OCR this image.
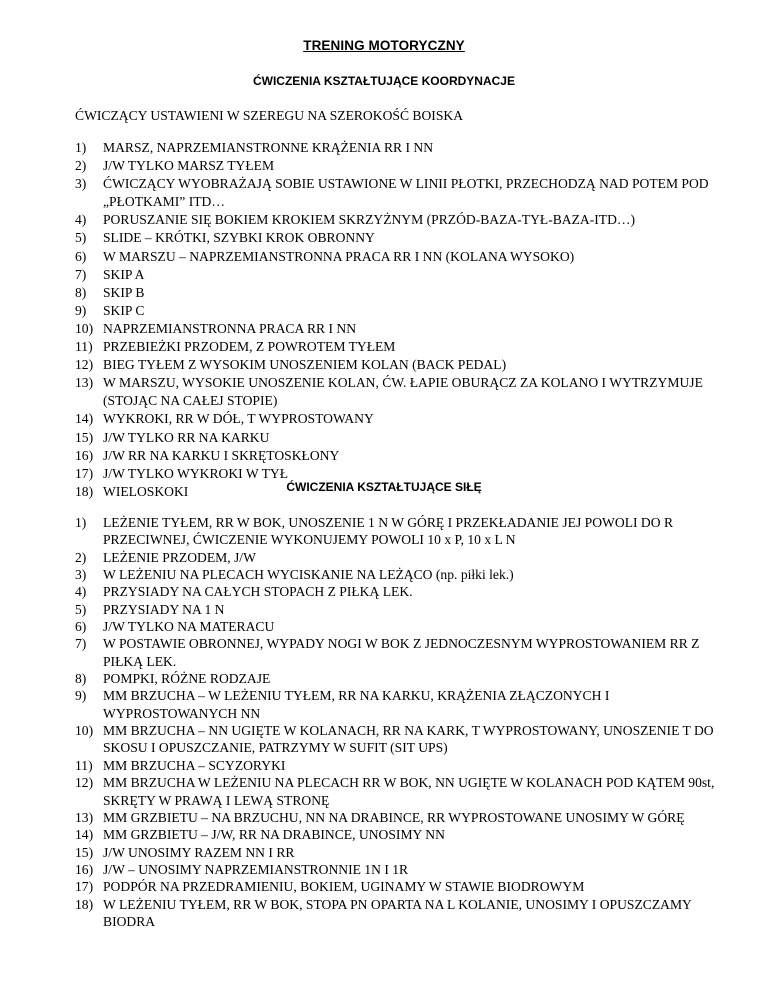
TRENING MOTORYCZNY
ĆWICZENIA KSZTAŁTUJĄCE KOORDYNACJE
ĆWICZĄCY USTAWIENI W SZEREGU NA SZEROKOŚĆ BOISKA
1) MARSZ, NAPRZEMIANSTRONNE KRĄŻENIA RR I NN
2) J/W TYLKO MARSZ TYŁEM
3) ĆWICZĄCY WYOBRAŻAJĄ SOBIE USTAWIONE W LINII PŁOTKI, PRZECHODZĄ NAD POTEM POD „PŁOTKAMI” ITD…
4) PORUSZANIE SIĘ BOKIEM KROKIEM SKRZYŻNYM (PRZÓD-BAZA-TYŁ-BAZA-ITD…)
5) SLIDE – KRÓTKI, SZYBKI KROK OBRONNY
6) W MARSZU – NAPRZEMIANSTRONNA PRACA RR I NN (KOLANA WYSOKO)
7) SKIP A
8) SKIP B
9) SKIP C
10) NAPRZEMIANSTRONNA PRACA RR I NN
11) PRZEBIEŻKI PRZODEM, Z POWROTEM TYŁEM
12) BIEG TYŁEM Z WYSOKIM UNOSZENIEM KOLAN (BACK PEDAL)
13) W MARSZU, WYSOKIE UNOSZENIE KOLAN, ĆW. ŁAPIE OBURĄCZ ZA KOLANO I WYTRZYMUJE (STOJĄC NA CAŁEJ STOPIE)
14) WYKROKI, RR W DÓŁ, T WYPROSTOWANY
15) J/W TYLKO RR NA KARKU
16) J/W RR NA KARKU I SKRĘTOSKŁONY
17) J/W TYLKO WYKROKI W TYŁ
18) WIELOSKOKI	ĆWICZENIA KSZTAŁTUJĄCE SIŁĘ
1) LEŻENIE TYŁEM, RR W BOK, UNOSZENIE 1 N W GÓRĘ I PRZEKŁADANIE JEJ POWOLI DO R PRZECIWNEJ, ĆWICZENIE WYKONUJEMY POWOLI 10 x P, 10 x L N
2) LEŻENIE PRZODEM, J/W
3) W LEŻENIU NA PLECACH WYCISKANIE NA LEŻĄCO (np. piłki lek.)
4) PRZYSIADY NA CAŁYCH STOPACH Z PIŁKĄ LEK.
5) PRZYSIADY NA 1 N
6) J/W TYLKO NA MATERACU
7) W POSTAWIE OBRONNEJ, WYPADY NOGI W BOK Z JEDNOCZESNYM WYPROSTOWANIEM RR Z PIŁKĄ LEK.
8) POMPKI, RÓŻNE RODZAJE
9) MM BRZUCHA – W LEŻENIU TYŁEM, RR NA KARKU, KRĄŻENIA ZŁĄCZONYCH I WYPROSTOWANYCH NN
10) MM BRZUCHA – NN UGIĘTE W KOLANACH, RR NA KARK, T WYPROSTOWANY, UNOSZENIE T DO SKOSU I OPUSZCZANIE, PATRZYMY W SUFIT (SIT UPS)
11) MM BRZUCHA – SCYZORYKI
12) MM BRZUCHA W LEŻENIU NA PLECACH RR W BOK, NN UGIĘTE W KOLANACH POD KĄTEM 90st, SKRĘTY W PRAWĄ I LEWĄ STRONĘ
13) MM GRZBIETU – NA BRZUCHU, NN NA DRABINCE, RR WYPROSTOWANE UNOSIMY W GÓRĘ
14) MM GRZBIETU – J/W, RR NA DRABINCE, UNOSIMY NN
15) J/W UNOSIMY RAZEM NN I RR
16) J/W – UNOSIMY NAPRZEMIANSTRONNIE 1N I 1R
17) PODPÓR NA PRZEDRAMIENIU, BOKIEM, UGINAMY W STAWIE BIODROWYM
18) W LEŻENIU TYŁEM, RR W BOK, STOPA PN OPARTA NA L KOLANIE, UNOSIMY I OPUSZCZAMY BIODRA
